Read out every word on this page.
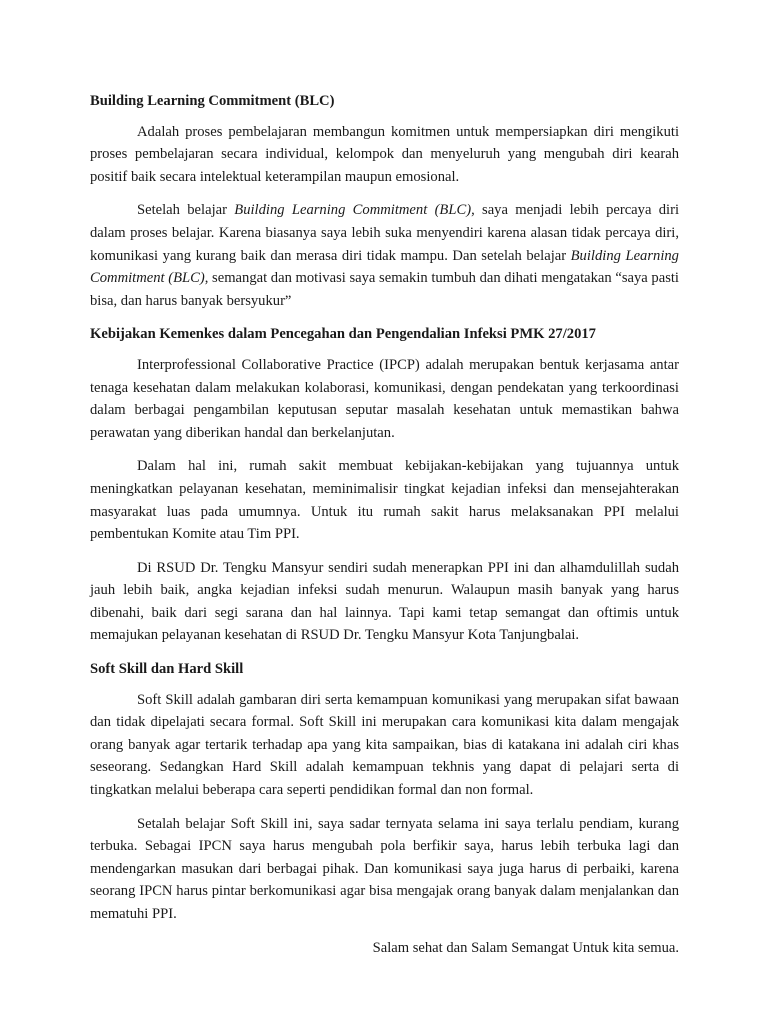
Building Learning Commitment (BLC)

Adalah proses pembelajaran membangun komitmen untuk mempersiapkan diri mengikuti proses pembelajaran secara individual, kelompok dan menyeluruh yang mengubah diri kearah positif baik secara intelektual keterampilan maupun emosional.

Setelah belajar Building Learning Commitment (BLC), saya menjadi lebih percaya diri dalam proses belajar. Karena biasanya saya lebih suka menyendiri karena alasan tidak percaya diri, komunikasi yang kurang baik dan merasa diri tidak mampu. Dan setelah belajar Building Learning Commitment (BLC), semangat dan motivasi saya semakin tumbuh dan dihati mengatakan “saya pasti bisa, dan harus banyak bersyukur”

Kebijakan Kemenkes dalam Pencegahan dan Pengendalian Infeksi PMK 27/2017

Interprofessional Collaborative Practice (IPCP) adalah merupakan bentuk kerjasama antar tenaga kesehatan dalam melakukan kolaborasi, komunikasi, dengan pendekatan yang terkoordinasi dalam berbagai pengambilan keputusan seputar masalah kesehatan untuk memastikan bahwa perawatan yang diberikan handal dan berkelanjutan.

Dalam hal ini, rumah sakit membuat kebijakan-kebijakan yang tujuannya untuk meningkatkan pelayanan kesehatan, meminimalisir tingkat kejadian infeksi dan mensejahterakan masyarakat luas pada umumnya. Untuk itu rumah sakit harus melaksanakan PPI melalui pembentukan Komite atau Tim PPI.

Di RSUD Dr. Tengku Mansyur sendiri sudah menerapkan PPI ini dan alhamdulillah sudah jauh lebih baik, angka kejadian infeksi sudah menurun. Walaupun masih banyak yang harus dibenahi, baik dari segi sarana dan hal lainnya. Tapi kami tetap semangat dan oftimis untuk memajukan pelayanan kesehatan di RSUD Dr. Tengku Mansyur Kota Tanjungbalai.

Soft Skill dan Hard Skill

Soft Skill adalah gambaran diri serta kemampuan komunikasi yang merupakan sifat bawaan dan tidak dipelajati secara formal. Soft Skill ini merupakan cara komunikasi kita dalam mengajak orang banyak agar tertarik terhadap apa yang kita sampaikan, bias di katakana ini adalah ciri khas seseorang. Sedangkan Hard Skill adalah kemampuan tekhnis yang dapat di pelajari serta di tingkatkan melalui beberapa cara seperti pendidikan formal dan non formal.

Setalah belajar Soft Skill ini, saya sadar ternyata selama ini saya terlalu pendiam, kurang terbuka. Sebagai IPCN saya harus mengubah pola berfikir saya, harus lebih terbuka lagi dan mendengarkan masukan dari berbagai pihak. Dan komunikasi saya juga harus di perbaiki, karena seorang IPCN harus pintar berkomunikasi agar bisa mengajak orang banyak dalam menjalankan dan mematuhi PPI.

Salam sehat dan Salam Semangat Untuk kita semua.
